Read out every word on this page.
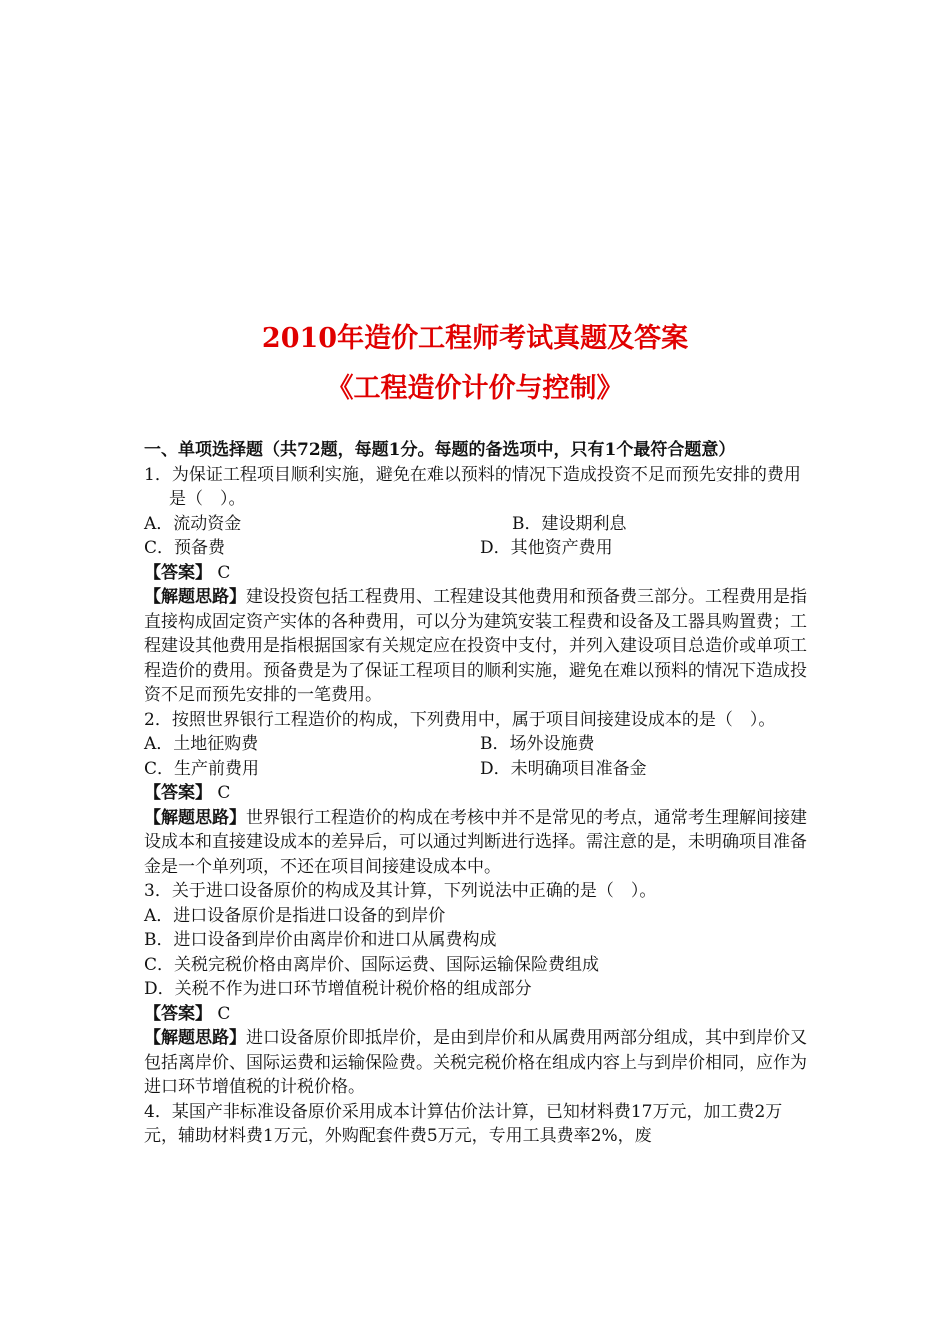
2010年造价工程师考试真题及答案
《工程造价计价与控制》

一、单项选择题（共72题，每题1分。每题的备选项中，只有1个最符合题意）

1．为保证工程项目顺利实施，避免在难以预料的情况下造成投资不足而预先安排的费用是（　）。

A．流动资金	B．建设期利息
C．预备费	D．其他资产费用

【答案】 C

【解题思路】建设投资包括工程费用、工程建设其他费用和预备费三部分。工程费用是指直接构成固定资产实体的各种费用，可以分为建筑安装工程费和设备及工器具购置费；工程建设其他费用是指根据国家有关规定应在投资中支付，并列入建设项目总造价或单项工程造价的费用。预备费是为了保证工程项目的顺利实施，避免在难以预料的情况下造成投资不足而预先安排的一笔费用。

2．按照世界银行工程造价的构成，下列费用中，属于项目间接建设成本的是（　）。

A．土地征购费	B．场外设施费
C．生产前费用	D．未明确项目准备金

【答案】 C

【解题思路】世界银行工程造价的构成在考核中并不是常见的考点，通常考生理解间接建设成本和直接建设成本的差异后，可以通过判断进行选择。需注意的是，未明确项目准备金是一个单列项，不还在项目间接建设成本中。

3．关于进口设备原价的构成及其计算，下列说法中正确的是（　）。

A．进口设备原价是指进口设备的到岸价

B．进口设备到岸价由离岸价和进口从属费构成

C．关税完税价格由离岸价、国际运费、国际运输保险费组成

D．关税不作为进口环节增值税计税价格的组成部分

【答案】 C

【解题思路】进口设备原价即抵岸价，是由到岸价和从属费用两部分组成，其中到岸价又包括离岸价、国际运费和运输保险费。关税完税价格在组成内容上与到岸价相同，应作为进口环节增值税的计税价格。

4．某国产非标准设备原价采用成本计算估价法计算，已知材料费17万元，加工费2万元，辅助材料费1万元，外购配套件费5万元，专用工具费率2%，废
